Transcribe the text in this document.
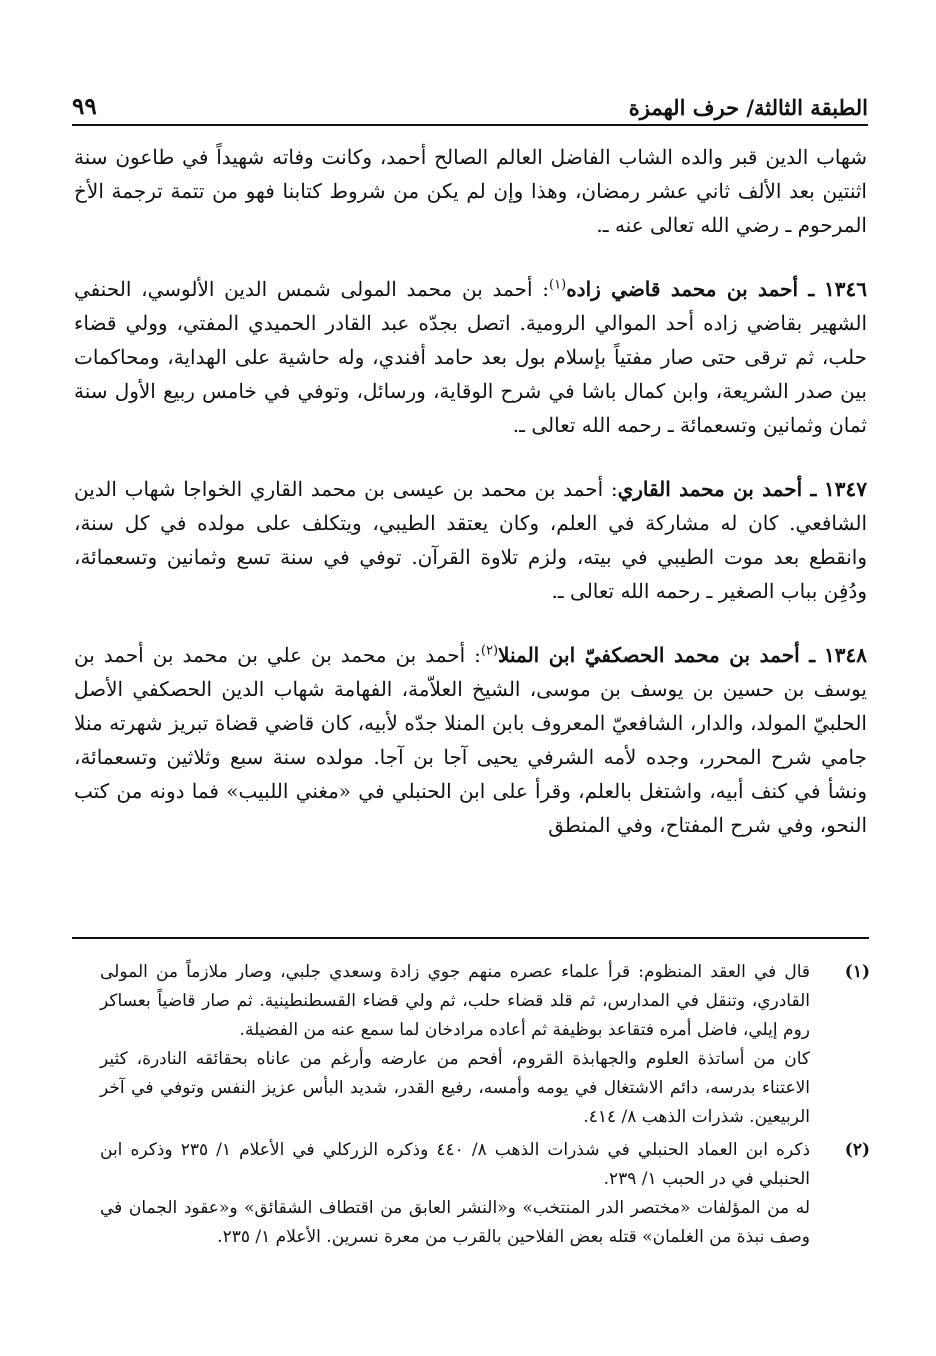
الطبقة الثالثة/ حرف الهمزة
٩٩

شهاب الدين قبر والده الشاب الفاضل العالم الصالح أحمد، وكانت وفاته شهيداً في طاعون سنة اثنتين بعد الألف ثاني عشر رمضان، وهذا وإن لم يكن من شروط كتابنا فهو من تتمة ترجمة الأخ المرحوم ـ رضي الله تعالى عنه ـ.

١٣٤٦ ـ أحمد بن محمد قاضي زاده$^{(١)}$: أحمد بن محمد المولى شمس الدين الألوسي، الحنفي الشهير بقاضي زاده أحد الموالي الرومية. اتصل بجدّه عبد القادر الحميدي المفتي، وولي قضاء حلب، ثم ترقى حتى صار مفتياً بإسلام بول بعد حامد أفندي، وله حاشية على الهداية، ومحاكمات بين صدر الشريعة، وابن كمال باشا في شرح الوقاية، ورسائل، وتوفي في خامس ربيع الأول سنة ثمان وثمانين وتسعمائة ـ رحمه الله تعالى ـ.

١٣٤٧ ـ أحمد بن محمد القاري: أحمد بن محمد بن عيسى بن محمد القاري الخواجا شهاب الدين الشافعي. كان له مشاركة في العلم، وكان يعتقد الطيبي، ويتكلف على مولده في كل سنة، وانقطع بعد موت الطيبي في بيته، ولزم تلاوة القرآن. توفي في سنة تسع وثمانين وتسعمائة، ودُفِن بباب الصغير ـ رحمه الله تعالى ـ.

١٣٤٨ ـ أحمد بن محمد الحصكفيّ ابن المنلا$^{(٢)}$: أحمد بن محمد بن علي بن محمد بن أحمد بن يوسف بن حسين بن يوسف بن موسى، الشيخ العلاّمة، الفهامة شهاب الدين الحصكفي الأصل الحلبيّ المولد، والدار، الشافعيّ المعروف بابن المنلا جدّه لأبيه، كان قاضي قضاة تبريز شهرته منلا جامي شرح المحرر، وجده لأمه الشرفي يحيى آجا بن آجا. مولده سنة سبع وثلاثين وتسعمائة، ونشأ في كنف أبيه، واشتغل بالعلم، وقرأ على ابن الحنبلي في «مغني اللبيب» فما دونه من كتب النحو، وفي شرح المفتاح، وفي المنطق

(١)
قال في العقد المنظوم: قرأ علماء عصره منهم جوي زادة وسعدي جلبي، وصار ملازماً من المولى القادري، وتنقل في المدارس، ثم قلد قضاء حلب، ثم ولي قضاء القسطنطينية. ثم صار قاضياً بعساكر روم إيلي، فاضل أمره فتقاعد بوظيفة ثم أعاده مرادخان لما سمع عنه من الفضيلة.
كان من أساتذة العلوم والجهابذة القروم، أفحم من عارضه وأرغم من عاناه بحقائقه النادرة، كثير الاعتناء بدرسه، دائم الاشتغال في يومه وأمسه، رفيع القدر، شديد البأس عزيز النفس وتوفي في آخر الربيعين. شذرات الذهب ٨/ ٤١٤.
(٢)
ذكره ابن العماد الحنبلي في شذرات الذهب ٨/ ٤٤٠ وذكره الزركلي في الأعلام ١/ ٢٣٥ وذكره ابن الحنبلي في در الحبب ١/ ٢٣٩.
له من المؤلفات «مختصر الدر المنتخب» و«النشر العابق من اقتطاف الشقائق» و«عقود الجمان في وصف نبذة من الغلمان» قتله بعض الفلاحين بالقرب من معرة نسرين. الأعلام ١/ ٢٣٥.
